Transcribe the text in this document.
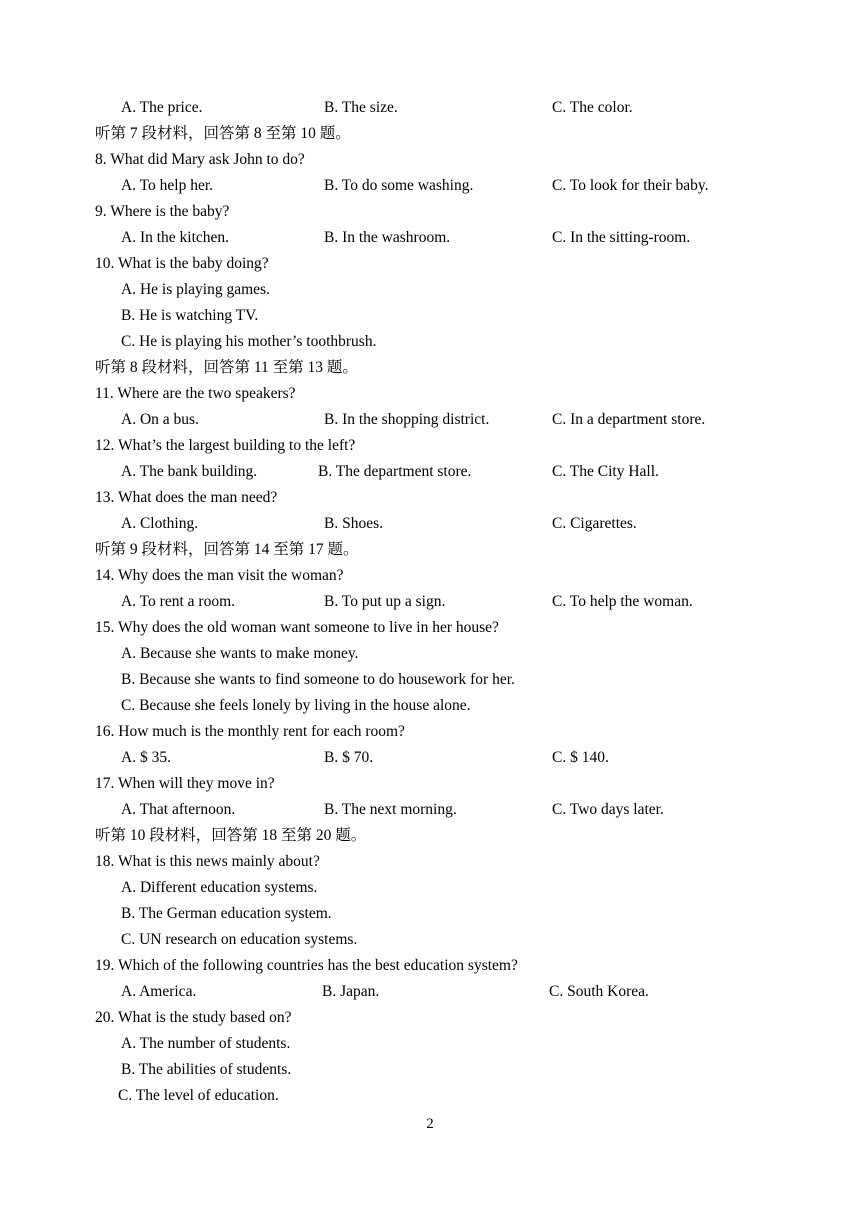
A. The price.	B. The size.	C. The color.
听第 7 段材料，回答第 8 至第 10 题。
8. What did Mary ask John to do?
A. To help her.	B. To do some washing.	C. To look for their baby.
9. Where is the baby?
A. In the kitchen.	B. In the washroom.	C. In the sitting-room.
10. What is the baby doing?
A. He is playing games.
B. He is watching TV.
C. He is playing his mother’s toothbrush.
听第 8 段材料，回答第 11 至第 13 题。
11. Where are the two speakers?
A. On a bus.	B. In the shopping district.	C. In a department store.
12. What’s the largest building to the left?
A. The bank building.	B. The department store.	C. The City Hall.
13. What does the man need?
A. Clothing.	B. Shoes.	C. Cigarettes.
听第 9 段材料，回答第 14 至第 17 题。
14. Why does the man visit the woman?
A. To rent a room.	B. To put up a sign.	C. To help the woman.
15. Why does the old woman want someone to live in her house?
A. Because she wants to make money.
B. Because she wants to find someone to do housework for her.
C. Because she feels lonely by living in the house alone.
16. How much is the monthly rent for each room?
A. $ 35.	B. $ 70.	C. $ 140.
17. When will they move in?
A. That afternoon.	B. The next morning.	C. Two days later.
听第 10 段材料，回答第 18 至第 20 题。
18. What is this news mainly about?
A. Different education systems.
B. The German education system.
C. UN research on education systems.
19. Which of the following countries has the best education system?
A. America.	B. Japan.	C. South Korea.
20. What is the study based on?
A. The number of students.
B. The abilities of students.
C. The level of education.
2
